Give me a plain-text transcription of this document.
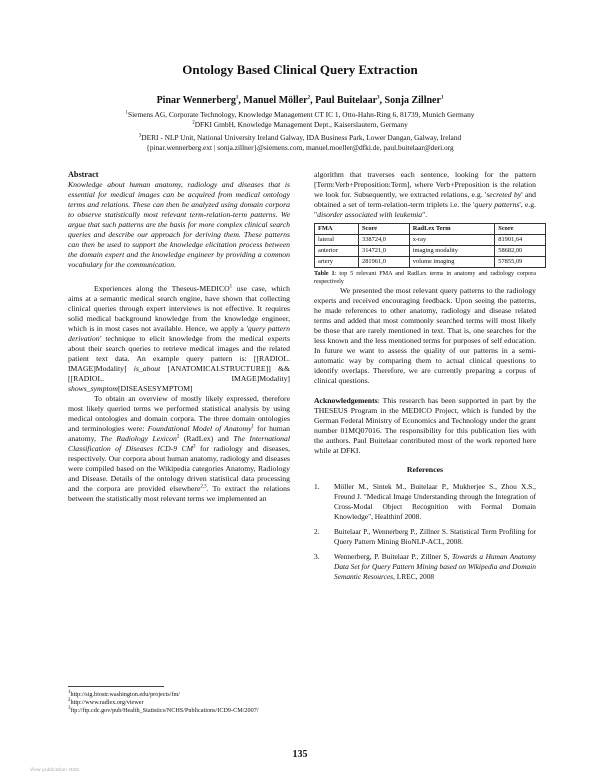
Ontology Based Clinical Query Extraction
Pinar Wennerberg$^1$, Manuel Möller$^2$, Paul Buitelaar$^3$, Sonja Zillner$^1$
$^1$Siemens AG, Corporate Technology, Knowledge Management CT IC 1, Otto-Hahn-Ring 6, 81739, Munich Germany
$^2$DFKI GmbH, Knowledge Management Dept., Kaiserslautern, Germany
$^3$DERI - NLP Unit, National University Ireland Galway, IDA Business Park, Lower Dangan, Galway, Ireland
{pinar.wennerberg.ext | sonja.zillner}@siemens.com, manuel.moeller@dfki.de, paul.buitelaar@deri.org
Abstract

Knowledge about human anatomy, radiology and diseases that is essential for medical images can be acquired from medical ontology terms and relations. These can then be analyzed using domain corpora to observe statistically most relevant term-relation-term patterns. We argue that such patterns are the basis for more complex clinical search queries and describe our approach for deriving them. These patterns can then be used to support the knowledge elicitation process between the domain expert and the knowledge engineer by providing a common vocabulary for the communication.

Experiences along the Theseus-MEDICO$^1$ use case, which aims at a semantic medical search engine, have shown that collecting clinical queries through expert interviews is not effective. It requires solid medical background knowledge from the knowledge engineer, which is in most cases not available. Hence, we apply a 'query pattern derivation' technique to elicit knowledge from the medical experts about their search queries to retrieve medical images and the related patient text data. An example query pattern is: [[RADIOL. IMAGE]Modality] is_about [ANATOMICALSTRUCTURE]] && [[RADIOL. IMAGE]Modality] shows_symptom[DISEASESYMPTOM]

To obtain an overview of mostly likely expressed, therefore most likely queried terms we performed statistical analysis by using medical ontologies and domain corpora. The three domain ontologies and terminologies were: Foundational Model of Anatomy$^1$ for human anatomy, The Radiology Lexicon$^2$ (RadLex) and The International Classification of Diseases ICD-9 $CM^3$ for radiology and diseases, respectively. Our corpora about human anatomy, radiology and diseases were compiled based on the Wikipedia categories Anatomy, Radiology and Disease. Details of the ontology driven statistical data processing and the corpora are provided elsewhere$^{2,3}$. To extract the relations between the statistically most relevant terms we implemented an

$^1$http://sig.biostr.washington.edu/projects/fm/
$^2$http://www.radlex.org/viewer
$^3$ftp://ftp.cdc.gov/pub/Health_Statistics/NCHS/Publications/ICD9-CM/2007/

algorithm that traverses each sentence, looking for the pattern [Term:Verb+Preposition:Term], where Verb+Preposition is the relation we look for. Subsequently, we extracted relations, e.g. 'secreted by' and obtained a set of term-relation-term triplets i.e. the 'query patterns', e.g. "disorder associated with leukemia".

FMA	Score	RadLex Term	Score
lateral	338724,0	x-ray	81901,64
anterior	314721,0	imaging modality	58682,00
artery	281961,0	volume imaging	57855,09
Table 1: top 5 relevant FMA and RadLex terms in anatomy and radiology corpora respectively

We presented the most relevant query patterns to the radiology experts and received encouraging feedback. Upon seeing the patterns, he made references to other anatomy, radiology and disease related terms and added that most commonly searched terms will most likely be those that are rarely mentioned in text. That is, one searches for the less known and the less mentioned terms for purposes of self education. In future we want to assess the quality of our patterns in a semi-automatic way by comparing them to actual clinical questions to identify overlaps. Therefore, we are currently preparing a corpus of clinical questions.

Acknowledgements: This research has been supported in part by the THESEUS Program in the MEDICO Project, which is funded by the German Federal Ministry of Economics and Technology under the grant number 01MQ07016. The responsibility for this publication lies with the authors. Paul Buitelaar contributed most of the work reported here while at DFKI.

References
1.	Möller M., Sintek M., Buitelaar P., Mukherjee S., Zhou X.S., Freund J. "Medical Image Understanding through the Integration of Cross-Modal Object Recognition with Formal Domain Knowledge", Healthinf 2008.
2.	Buitelaar P., Wennerberg P., Zillner S. Statistical Term Profiling for Query Pattern Mining BioNLP-ACL, 2008.
3.	Wennerberg, P. Buitelaar P., Zillner S, Towards a Human Anatomy Data Set for Query Pattern Mining based on Wikipedia and Domain Semantic Resources, LREC, 2008
135
View publication stats
